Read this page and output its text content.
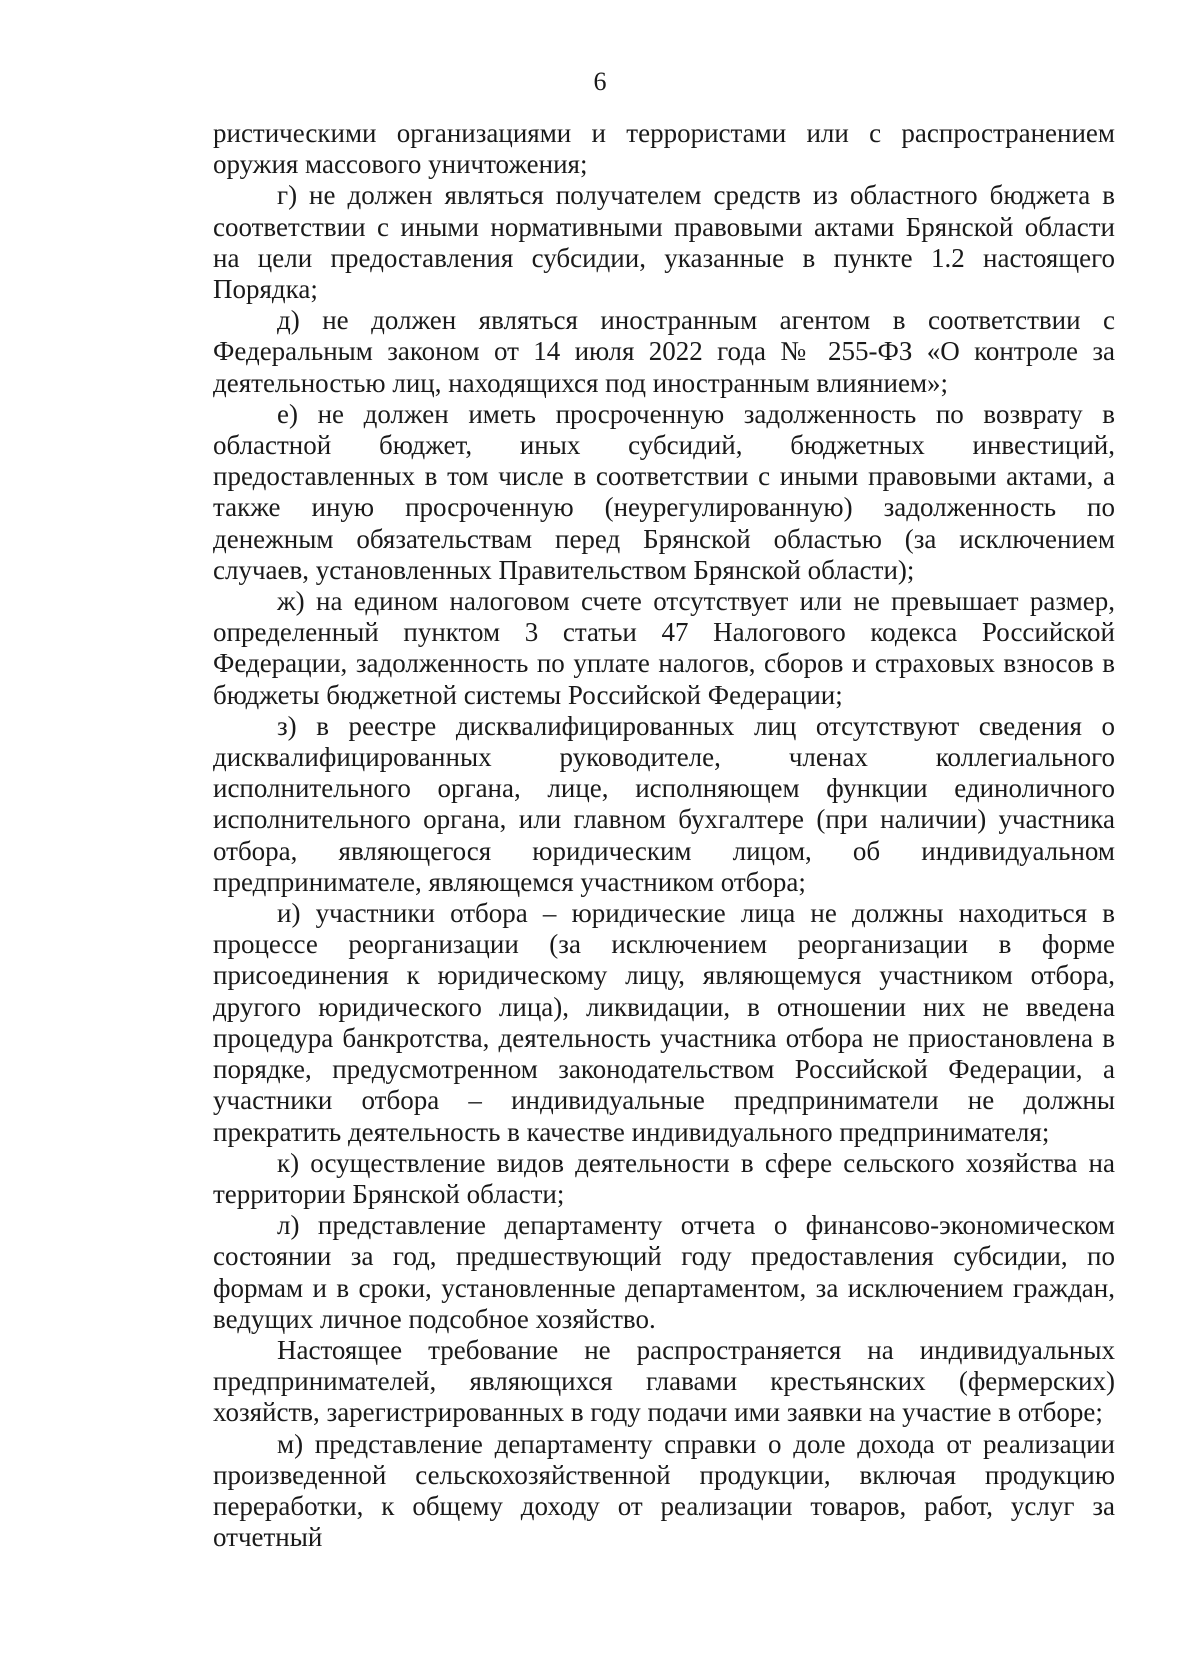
6

ристическими организациями и террористами или с распространением оружия массового уничтожения;

г) не должен являться получателем средств из областного бюджета в соответствии с иными нормативными правовыми актами Брянской области на цели предоставления субсидии, указанные в пункте 1.2 настоящего Порядка;

д) не должен являться иностранным агентом в соответствии с Федеральным законом от 14 июля 2022 года № 255-ФЗ «О контроле за деятельностью лиц, находящихся под иностранным влиянием»;

е) не должен иметь просроченную задолженность по возврату в областной бюджет, иных субсидий, бюджетных инвестиций, предоставленных в том числе в соответствии с иными правовыми актами, а также иную просроченную (неурегулированную) задолженность по денежным обязательствам перед Брянской областью (за исключением случаев, установленных Правительством Брянской области);

ж) на едином налоговом счете отсутствует или не превышает размер, определенный пунктом 3 статьи 47 Налогового кодекса Российской Федерации, задолженность по уплате налогов, сборов и страховых взносов в бюджеты бюджетной системы Российской Федерации;

з) в реестре дисквалифицированных лиц отсутствуют сведения о дисквалифицированных руководителе, членах коллегиального исполнительного органа, лице, исполняющем функции единоличного исполнительного органа, или главном бухгалтере (при наличии) участника отбора, являющегося юридическим лицом, об индивидуальном предпринимателе, являющемся участником отбора;

и) участники отбора – юридические лица не должны находиться в процессе реорганизации (за исключением реорганизации в форме присоединения к юридическому лицу, являющемуся участником отбора, другого юридического лица), ликвидации, в отношении них не введена процедура банкротства, деятельность участника отбора не приостановлена в порядке, предусмотренном законодательством Российской Федерации, а участники отбора – индивидуальные предприниматели не должны прекратить деятельность в качестве индивидуального предпринимателя;

к) осуществление видов деятельности в сфере сельского хозяйства на территории Брянской области;

л) представление департаменту отчета о финансово-экономическом состоянии за год, предшествующий году предоставления субсидии, по формам и в сроки, установленные департаментом, за исключением граждан, ведущих личное подсобное хозяйство.

Настоящее требование не распространяется на индивидуальных предпринимателей, являющихся главами крестьянских (фермерских) хозяйств, зарегистрированных в году подачи ими заявки на участие в отборе;

м) представление департаменту справки о доле дохода от реализации произведенной сельскохозяйственной продукции, включая продукцию переработки, к общему доходу от реализации товаров, работ, услуг за отчетный
